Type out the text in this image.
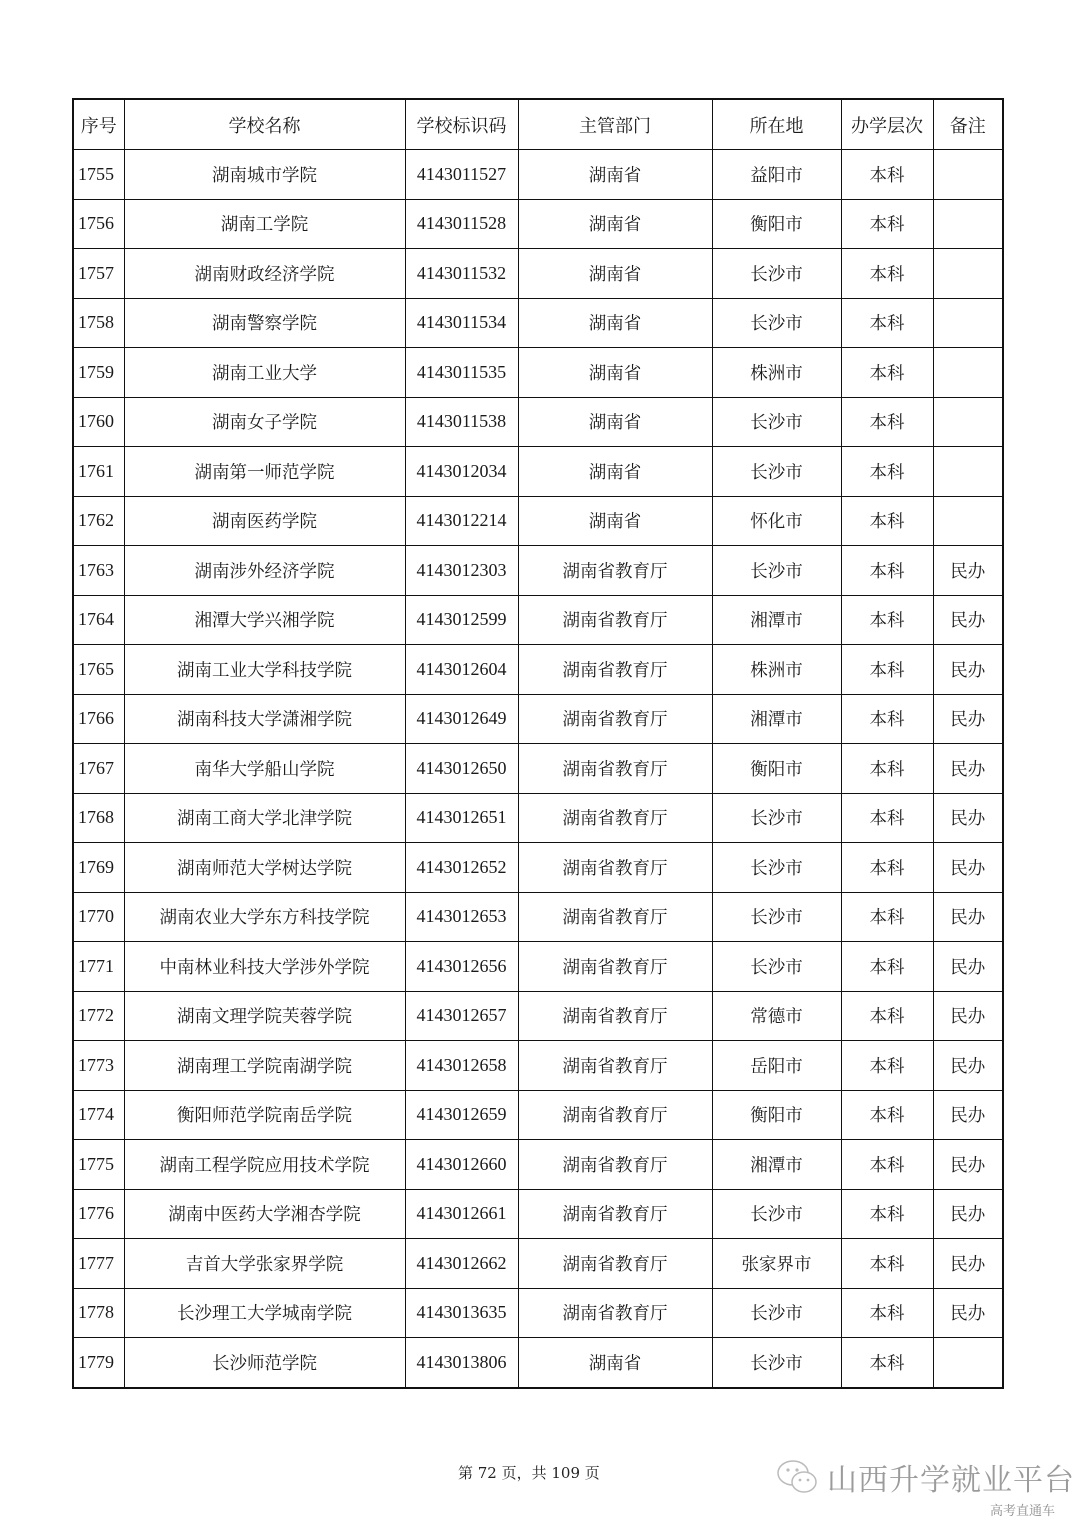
序号	学校名称	学校标识码	主管部门	所在地	办学层次	备注
1755	湖南城市学院	4143011527	湖南省	益阳市	本科	
1756	湖南工学院	4143011528	湖南省	衡阳市	本科	
1757	湖南财政经济学院	4143011532	湖南省	长沙市	本科	
1758	湖南警察学院	4143011534	湖南省	长沙市	本科	
1759	湖南工业大学	4143011535	湖南省	株洲市	本科	
1760	湖南女子学院	4143011538	湖南省	长沙市	本科	
1761	湖南第一师范学院	4143012034	湖南省	长沙市	本科	
1762	湖南医药学院	4143012214	湖南省	怀化市	本科	
1763	湖南涉外经济学院	4143012303	湖南省教育厅	长沙市	本科	民办
1764	湘潭大学兴湘学院	4143012599	湖南省教育厅	湘潭市	本科	民办
1765	湖南工业大学科技学院	4143012604	湖南省教育厅	株洲市	本科	民办
1766	湖南科技大学潇湘学院	4143012649	湖南省教育厅	湘潭市	本科	民办
1767	南华大学船山学院	4143012650	湖南省教育厅	衡阳市	本科	民办
1768	湖南工商大学北津学院	4143012651	湖南省教育厅	长沙市	本科	民办
1769	湖南师范大学树达学院	4143012652	湖南省教育厅	长沙市	本科	民办
1770	湖南农业大学东方科技学院	4143012653	湖南省教育厅	长沙市	本科	民办
1771	中南林业科技大学涉外学院	4143012656	湖南省教育厅	长沙市	本科	民办
1772	湖南文理学院芙蓉学院	4143012657	湖南省教育厅	常德市	本科	民办
1773	湖南理工学院南湖学院	4143012658	湖南省教育厅	岳阳市	本科	民办
1774	衡阳师范学院南岳学院	4143012659	湖南省教育厅	衡阳市	本科	民办
1775	湖南工程学院应用技术学院	4143012660	湖南省教育厅	湘潭市	本科	民办
1776	湖南中医药大学湘杏学院	4143012661	湖南省教育厅	长沙市	本科	民办
1777	吉首大学张家界学院	4143012662	湖南省教育厅	张家界市	本科	民办
1778	长沙理工大学城南学院	4143013635	湖南省教育厅	长沙市	本科	民办
1779	长沙师范学院	4143013806	湖南省	长沙市	本科	
第 72 页，共 109 页	山西升学就业平台
高考直通车
